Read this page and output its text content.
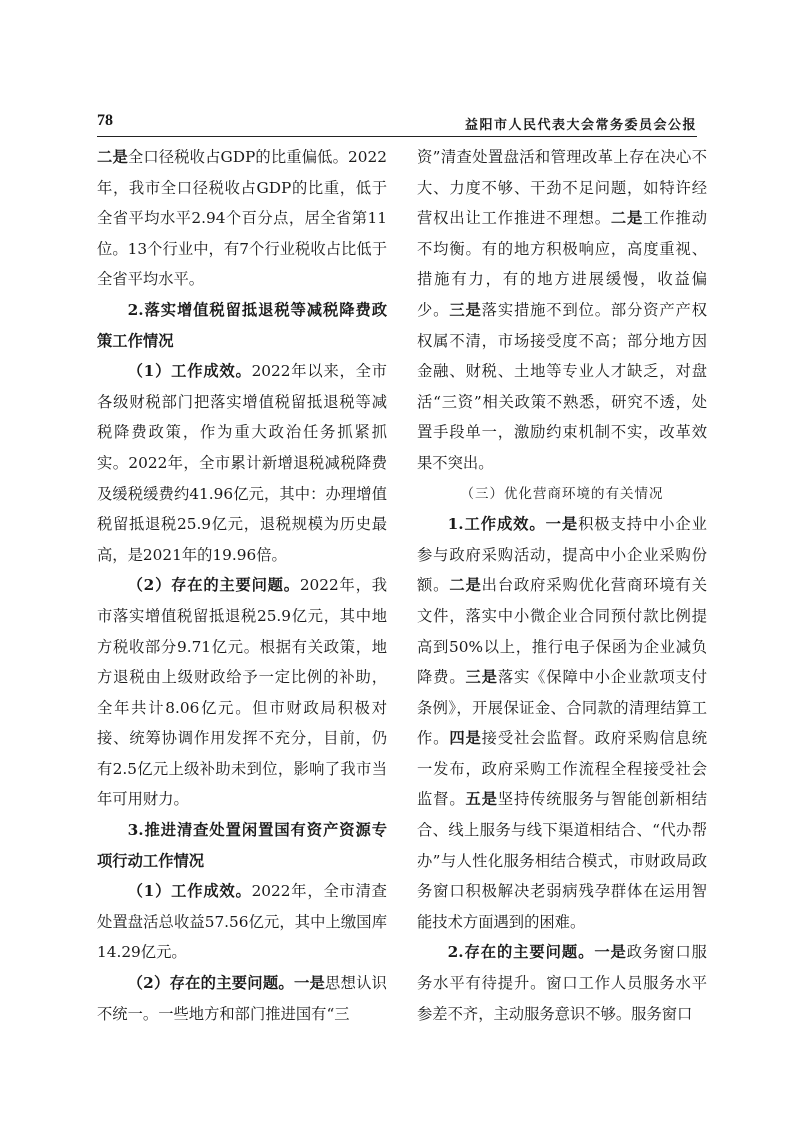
78	益阳市人民代表大会常务委员会公报

二是全口径税收占GDP的比重偏低。2022年，我市全口径税收占GDP的比重，低于全省平均水平2.94个百分点，居全省第11位。13个行业中，有7个行业税收占比低于全省平均水平。

2.落实增值税留抵退税等减税降费政策工作情况

（1）工作成效。2022年以来，全市各级财税部门把落实增值税留抵退税等减税降费政策，作为重大政治任务抓紧抓实。2022年，全市累计新增退税减税降费及缓税缓费约41.96亿元，其中：办理增值税留抵退税25.9亿元，退税规模为历史最高，是2021年的19.96倍。

（2）存在的主要问题。2022年，我市落实增值税留抵退税25.9亿元，其中地方税收部分9.71亿元。根据有关政策，地方退税由上级财政给予一定比例的补助，全年共计8.06亿元。但市财政局积极对接、统筹协调作用发挥不充分，目前，仍有2.5亿元上级补助未到位，影响了我市当年可用财力。

3.推进清查处置闲置国有资产资源专项行动工作情况

（1）工作成效。2022年，全市清查处置盘活总收益57.56亿元，其中上缴国库14.29亿元。

（2）存在的主要问题。一是思想认识不统一。一些地方和部门推进国有“三

资”清查处置盘活和管理改革上存在决心不大、力度不够、干劲不足问题，如特许经营权出让工作推进不理想。二是工作推动不均衡。有的地方积极响应，高度重视、措施有力，有的地方进展缓慢，收益偏少。三是落实措施不到位。部分资产产权权属不清，市场接受度不高；部分地方因金融、财税、土地等专业人才缺乏，对盘活“三资”相关政策不熟悉，研究不透，处置手段单一，激励约束机制不实，改革效果不突出。

（三）优化营商环境的有关情况

1.工作成效。一是积极支持中小企业参与政府采购活动，提高中小企业采购份额。二是出台政府采购优化营商环境有关文件，落实中小微企业合同预付款比例提高到50%以上，推行电子保函为企业减负降费。三是落实《保障中小企业款项支付条例》，开展保证金、合同款的清理结算工作。四是接受社会监督。政府采购信息统一发布，政府采购工作流程全程接受社会监督。五是坚持传统服务与智能创新相结合、线上服务与线下渠道相结合、“代办帮办”与人性化服务相结合模式，市财政局政务窗口积极解决老弱病残孕群体在运用智能技术方面遇到的困难。

2.存在的主要问题。一是政务窗口服务水平有待提升。窗口工作人员服务水平参差不齐，主动服务意识不够。服务窗口
